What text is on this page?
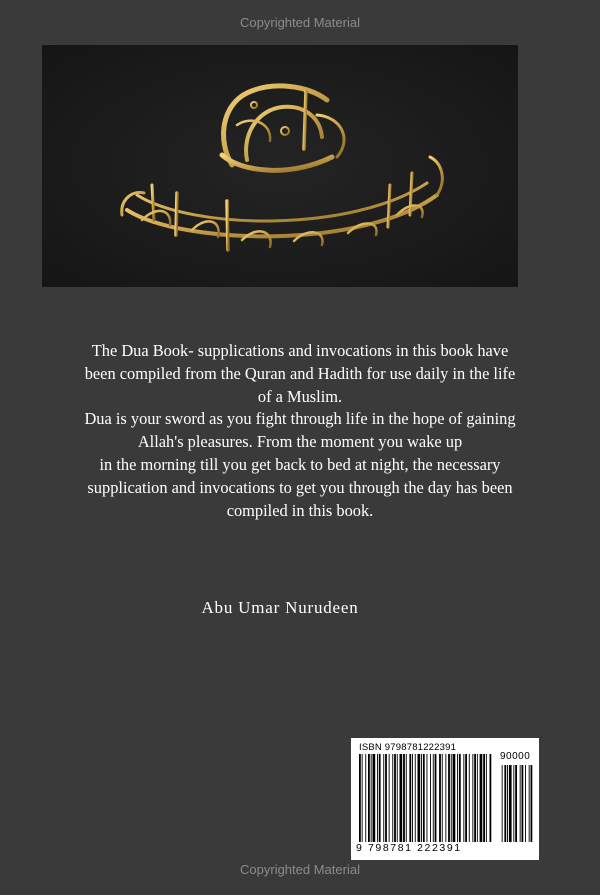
Copyrighted Material
The Dua Book- supplications and invocations in this book have
been compiled from the Quran and Hadith for use daily in the life
of a Muslim.
Dua is your sword as you fight through life in the hope of gaining
Allah's pleasures. From the moment you wake up
in the morning till you get back to bed at night, the necessary
supplication and invocations to get you through the day has been
compiled in this book.
Abu Umar Nurudeen
ISBN 9798781222391
90000
9 798781 222391
Copyrighted Material
